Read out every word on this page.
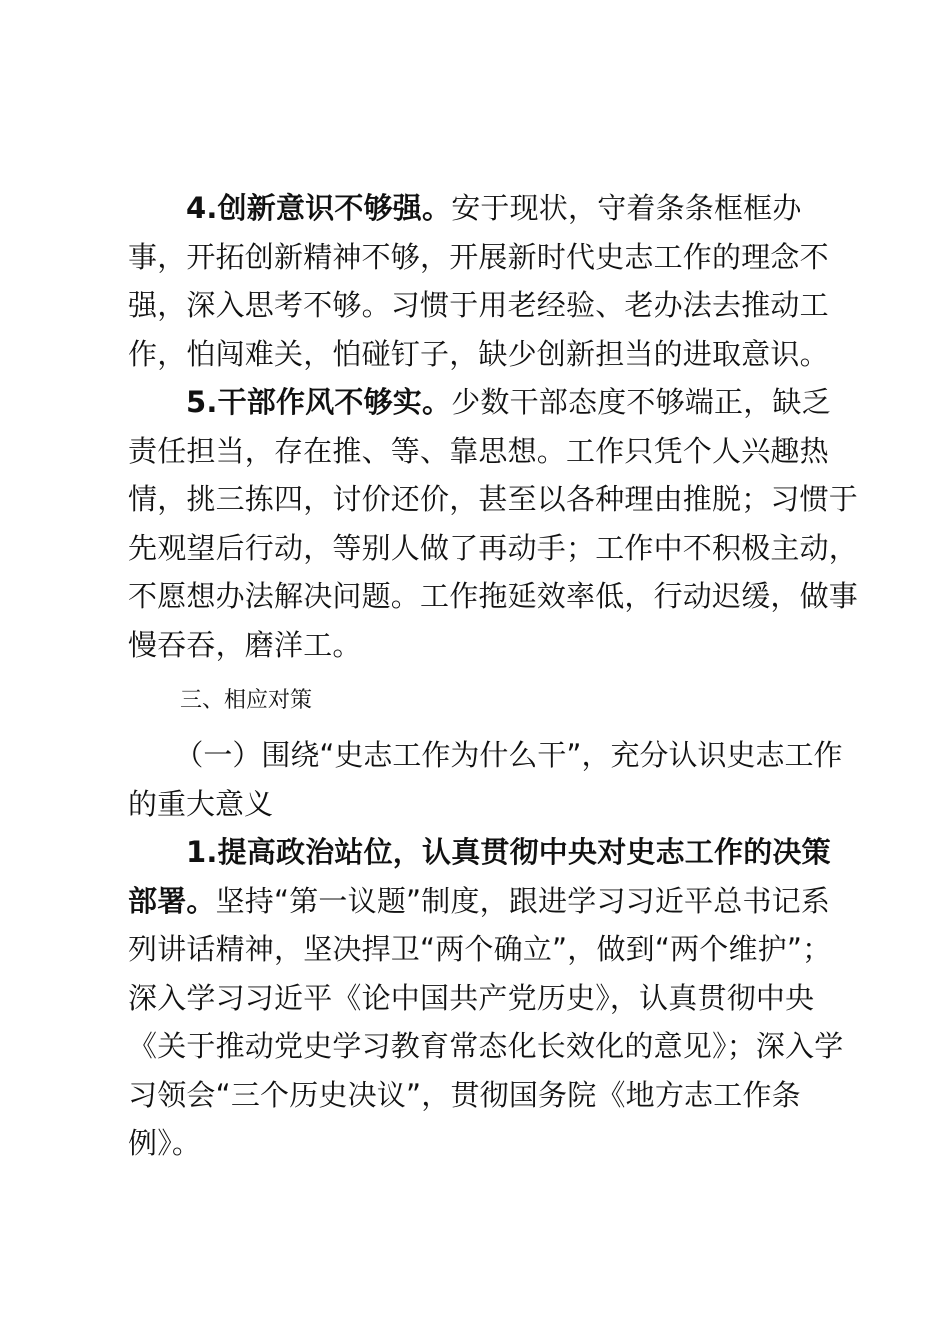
4.创新意识不够强。安于现状，守着条条框框办事，开拓创新精神不够，开展新时代史志工作的理念不强，深入思考不够。习惯于用老经验、老办法去推动工作，怕闯难关，怕碰钉子，缺少创新担当的进取意识。

5.干部作风不够实。少数干部态度不够端正，缺乏责任担当，存在推、等、靠思想。工作只凭个人兴趣热情，挑三拣四，讨价还价，甚至以各种理由推脱；习惯于先观望后行动，等别人做了再动手；工作中不积极主动，不愿想办法解决问题。工作拖延效率低，行动迟缓，做事慢吞吞，磨洋工。

三、相应对策

（一）围绕“史志工作为什么干”，充分认识史志工作的重大意义

1.提高政治站位，认真贯彻中央对史志工作的决策部署。坚持“第一议题”制度，跟进学习习近平总书记系列讲话精神，坚决捍卫“两个确立”，做到“两个维护”；深入学习习近平《论中国共产党历史》，认真贯彻中央《关于推动党史学习教育常态化长效化的意见》；深入学习领会“三个历史决议”，贯彻国务院《地方志工作条例》。
